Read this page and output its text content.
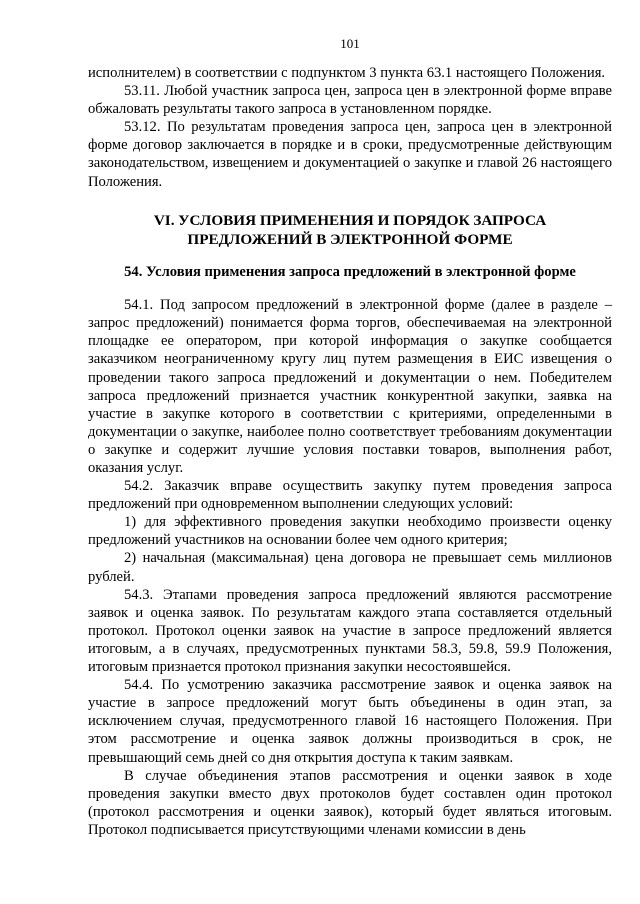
101

исполнителем) в соответствии с подпунктом 3 пункта 63.1 настоящего Положения.

53.11. Любой участник запроса цен, запроса цен в электронной форме вправе обжаловать результаты такого запроса в установленном порядке.

53.12. По результатам проведения запроса цен, запроса цен в электронной форме договор заключается в порядке и в сроки, предусмотренные действующим законодательством, извещением и документацией о закупке и главой 26 настоящего Положения.

VI. УСЛОВИЯ ПРИМЕНЕНИЯ И ПОРЯДОК ЗАПРОСА
ПРЕДЛОЖЕНИЙ В ЭЛЕКТРОННОЙ ФОРМЕ
54. Условия применения запроса предложений в электронной форме

54.1. Под запросом предложений в электронной форме (далее в разделе – запрос предложений) понимается форма торгов, обеспечиваемая на электронной площадке ее оператором, при которой информация о закупке сообщается заказчиком неограниченному кругу лиц путем размещения в ЕИС извещения о проведении такого запроса предложений и документации о нем. Победителем запроса предложений признается участник конкурентной закупки, заявка на участие в закупке которого в соответствии с критериями, определенными в документации о закупке, наиболее полно соответствует требованиям документации о закупке и содержит лучшие условия поставки товаров, выполнения работ, оказания услуг.

54.2. Заказчик вправе осуществить закупку путем проведения запроса предложений при одновременном выполнении следующих условий:

1) для эффективного проведения закупки необходимо произвести оценку предложений участников на основании более чем одного критерия;

2) начальная (максимальная) цена договора не превышает семь миллионов рублей.

54.3. Этапами проведения запроса предложений являются рассмотрение заявок и оценка заявок. По результатам каждого этапа составляется отдельный протокол. Протокол оценки заявок на участие в запросе предложений является итоговым, а в случаях, предусмотренных пунктами 58.3, 59.8, 59.9 Положения, итоговым признается протокол признания закупки несостоявшейся.

54.4. По усмотрению заказчика рассмотрение заявок и оценка заявок на участие в запросе предложений могут быть объединены в один этап, за исключением случая, предусмотренного главой 16 настоящего Положения. При этом рассмотрение и оценка заявок должны производиться в срок, не превышающий семь дней со дня открытия доступа к таким заявкам.

В случае объединения этапов рассмотрения и оценки заявок в ходе проведения закупки вместо двух протоколов будет составлен один протокол (протокол рассмотрения и оценки заявок), который будет являться итоговым. Протокол подписывается присутствующими членами комиссии в день
